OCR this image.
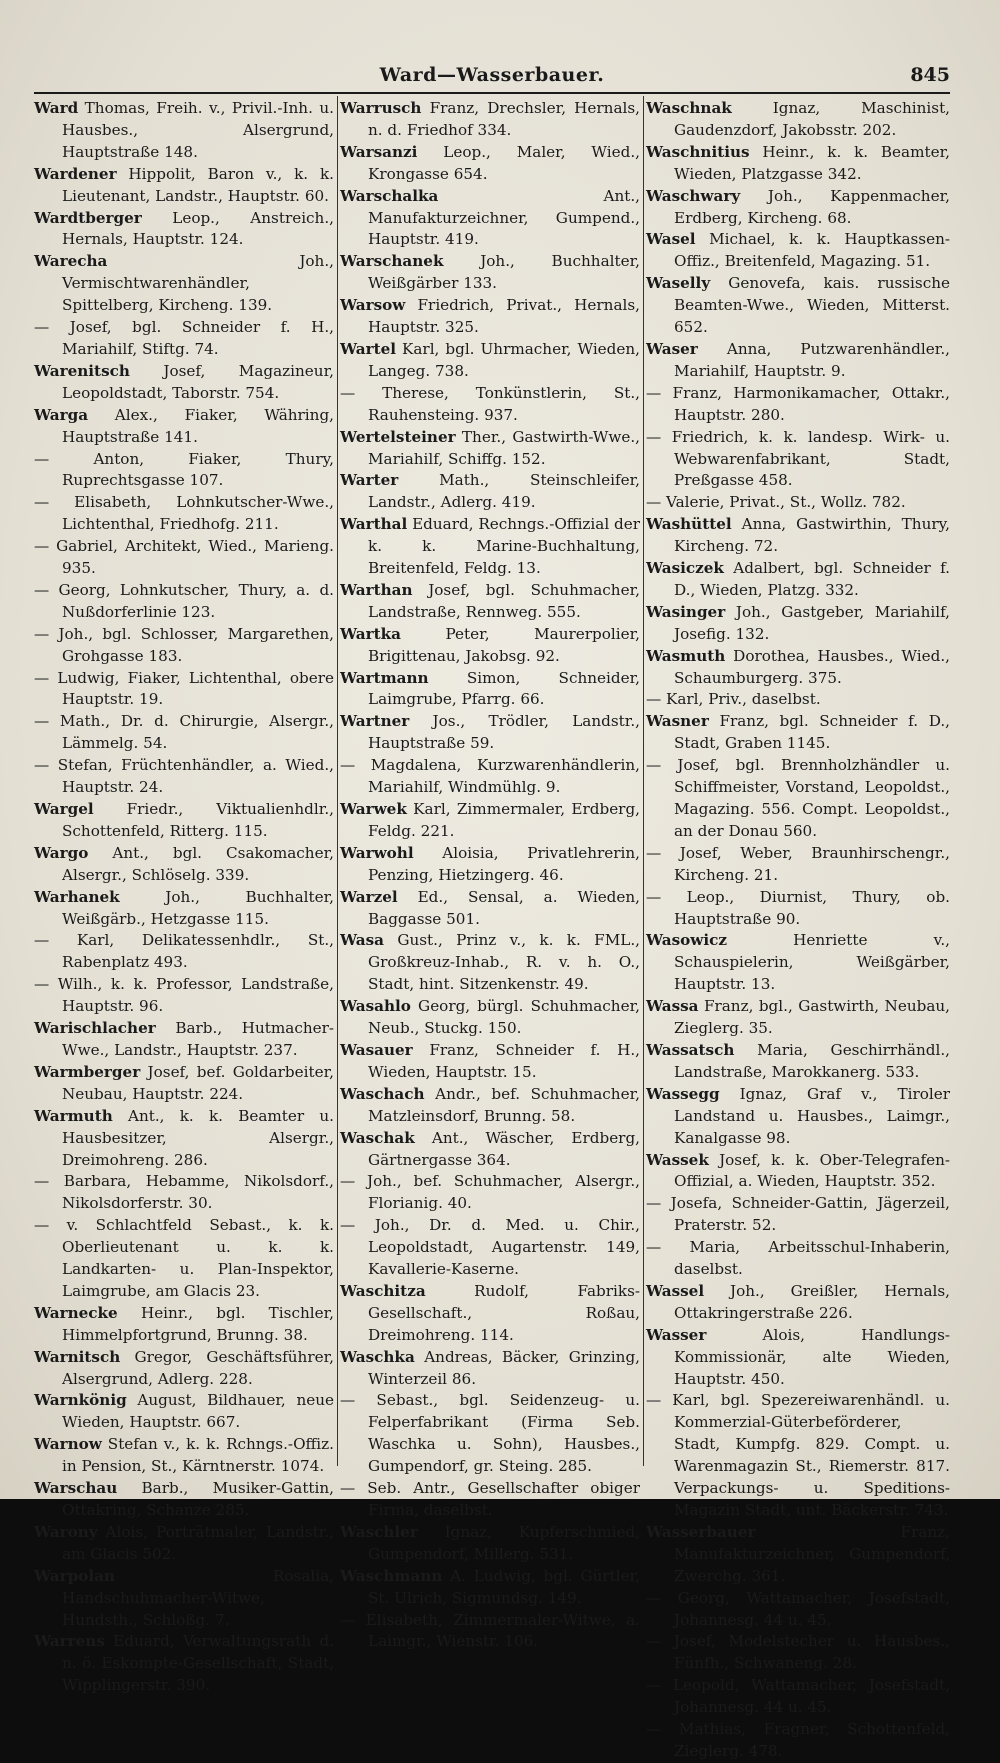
Ward—Wasserbauer.	845
Ward Thomas, Freih. v., Privil.-Inh. u. Hausbes., Alsergrund, Hauptstraße 148.
Wardener Hippolit, Baron v., k. k. Lieutenant, Landstr., Hauptstr. 60.
Wardtberger Leop., Anstreich., Hernals, Hauptstr. 124.
Warecha Joh., Vermischtwarenhändler, Spittelberg, Kircheng. 139.
— Josef, bgl. Schneider f. H., Mariahilf, Stiftg. 74.
Warenitsch Josef, Magazineur, Leopoldstadt, Taborstr. 754.
Warga Alex., Fiaker, Währing, Hauptstraße 141.
— Anton, Fiaker, Thury, Ruprechtsgasse 107.
— Elisabeth, Lohnkutscher-Wwe., Lichtenthal, Friedhofg. 211.
— Gabriel, Architekt, Wied., Marieng. 935.
— Georg, Lohnkutscher, Thury, a. d. Nußdorferlinie 123.
— Joh., bgl. Schlosser, Margarethen, Grohgasse 183.
— Ludwig, Fiaker, Lichtenthal, obere Hauptstr. 19.
— Math., Dr. d. Chirurgie, Alsergr., Lämmelg. 54.
— Stefan, Früchtenhändler, a. Wied., Hauptstr. 24.
Wargel Friedr., Viktualienhdlr., Schottenfeld, Ritterg. 115.
Wargo Ant., bgl. Csakomacher, Alsergr., Schlöselg. 339.
Warhanek Joh., Buchhalter, Weißgärb., Hetzgasse 115.
— Karl, Delikatessenhdlr., St., Rabenplatz 493.
— Wilh., k. k. Professor, Landstraße, Hauptstr. 96.
Warischlacher Barb., Hutmacher-Wwe., Landstr., Hauptstr. 237.
Warmberger Josef, bef. Goldarbeiter, Neubau, Hauptstr. 224.
Warmuth Ant., k. k. Beamter u. Hausbesitzer, Alsergr., Dreimohreng. 286.
— Barbara, Hebamme, Nikolsdorf., Nikolsdorferstr. 30.
— v. Schlachtfeld Sebast., k. k. Oberlieutenant u. k. k. Landkarten- u. Plan-Inspektor, Laimgrube, am Glacis 23.
Warnecke Heinr., bgl. Tischler, Himmelpfortgrund, Brunng. 38.
Warnitsch Gregor, Geschäftsführer, Alsergrund, Adlerg. 228.
Warnkönig August, Bildhauer, neue Wieden, Hauptstr. 667.
Warnow Stefan v., k. k. Rchngs.-Offiz. in Pension, St., Kärntnerstr. 1074.
Warschau Barb., Musiker-Gattin, Ottakring, Schanze 285.
Warony Alois, Porträtmaler, Landstr., am Glacis 502.
Warpolan Rosalia, Handschuhmacher-Witwe, Hundsth., Schloßg. 7.
Warrens Eduard, Verwaltungsrath d. n. ö. Eskompte-Gesellschaft, Stadt, Wipplingerstr. 390.
Warrusch Franz, Drechsler, Hernals, n. d. Friedhof 334.
Warsanzi Leop., Maler, Wied., Krongasse 654.
Warschalka Ant., Manufakturzeichner, Gumpend., Hauptstr. 419.
Warschanek Joh., Buchhalter, Weißgärber 133.
Warsow Friedrich, Privat., Hernals, Hauptstr. 325.
Wartel Karl, bgl. Uhrmacher, Wieden, Langeg. 738.
— Therese, Tonkünstlerin, St., Rauhensteing. 937.
Wertelsteiner Ther., Gastwirth-Wwe., Mariahilf, Schiffg. 152.
Warter Math., Steinschleifer, Landstr., Adlerg. 419.
Warthal Eduard, Rechngs.-Offizial der k. k. Marine-Buchhaltung, Breitenfeld, Feldg. 13.
Warthan Josef, bgl. Schuhmacher, Landstraße, Rennweg. 555.
Wartka Peter, Maurerpolier, Brigittenau, Jakobsg. 92.
Wartmann Simon, Schneider, Laimgrube, Pfarrg. 66.
Wartner Jos., Trödler, Landstr., Hauptstraße 59.
— Magdalena, Kurzwarenhändlerin, Mariahilf, Windmühlg. 9.
Warwek Karl, Zimmermaler, Erdberg, Feldg. 221.
Warwohl Aloisia, Privatlehrerin, Penzing, Hietzingerg. 46.
Warzel Ed., Sensal, a. Wieden, Baggasse 501.
Wasa Gust., Prinz v., k. k. FML., Großkreuz-Inhab., R. v. h. O., Stadt, hint. Sitzenkenstr. 49.
Wasahlo Georg, bürgl. Schuhmacher, Neub., Stuckg. 150.
Wasauer Franz, Schneider f. H., Wieden, Hauptstr. 15.
Waschach Andr., bef. Schuhmacher, Matzleinsdorf, Brunng. 58.
Waschak Ant., Wäscher, Erdberg, Gärtnergasse 364.
— Joh., bef. Schuhmacher, Alsergr., Florianig. 40.
— Joh., Dr. d. Med. u. Chir., Leopoldstadt, Augartenstr. 149, Kavallerie-Kaserne.
Waschitza Rudolf, Fabriks-Gesellschaft., Roßau, Dreimohreng. 114.
Waschka Andreas, Bäcker, Grinzing, Winterzeil 86.
— Sebast., bgl. Seidenzeug- u. Felperfabrikant (Firma Seb. Waschka u. Sohn), Hausbes., Gumpendorf, gr. Steing. 285.
— Seb. Antr., Gesellschafter obiger Firma, daselbst.
Waschler Ignaz, Kupferschmied, Gumpendorf, Millerg. 531.
Waschmann A. Ludwig, bgl. Gürtler, St. Ulrich, Sigmundsg. 149.
— Elisabeth, Zimmermaler-Witwe, a. Laimgr., Wienstr. 106.
Waschnak Ignaz, Maschinist, Gaudenzdorf, Jakobsstr. 202.
Waschnitius Heinr., k. k. Beamter, Wieden, Platzgasse 342.
Waschwary Joh., Kappenmacher, Erdberg, Kircheng. 68.
Wasel Michael, k. k. Hauptkassen-Offiz., Breitenfeld, Magazing. 51.
Waselly Genovefa, kais. russische Beamten-Wwe., Wieden, Mitterst. 652.
Waser Anna, Putzwarenhändler., Mariahilf, Hauptstr. 9.
— Franz, Harmonikamacher, Ottakr., Hauptstr. 280.
— Friedrich, k. k. landesp. Wirk- u. Webwarenfabrikant, Stadt, Preßgasse 458.
— Valerie, Privat., St., Wollz. 782.
Washüttel Anna, Gastwirthin, Thury, Kircheng. 72.
Wasiczek Adalbert, bgl. Schneider f. D., Wieden, Platzg. 332.
Wasinger Joh., Gastgeber, Mariahilf, Josefig. 132.
Wasmuth Dorothea, Hausbes., Wied., Schaumburgerg. 375.
— Karl, Priv., daselbst.
Wasner Franz, bgl. Schneider f. D., Stadt, Graben 1145.
— Josef, bgl. Brennholzhändler u. Schiffmeister, Vorstand, Leopoldst., Magazing. 556. Compt. Leopoldst., an der Donau 560.
— Josef, Weber, Braunhirschengr., Kircheng. 21.
— Leop., Diurnist, Thury, ob. Hauptstraße 90.
Wasowicz Henriette v., Schauspielerin, Weißgärber, Hauptstr. 13.
Wassa Franz, bgl., Gastwirth, Neubau, Zieglerg. 35.
Wassatsch Maria, Geschirrhändl., Landstraße, Marokkanerg. 533.
Wassegg Ignaz, Graf v., Tiroler Landstand u. Hausbes., Laimgr., Kanalgasse 98.
Wassek Josef, k. k. Ober-Telegrafen-Offizial, a. Wieden, Hauptstr. 352.
— Josefa, Schneider-Gattin, Jägerzeil, Praterstr. 52.
— Maria, Arbeitsschul-Inhaberin, daselbst.
Wassel Joh., Greißler, Hernals, Ottakringerstraße 226.
Wasser Alois, Handlungs-Kommissionär, alte Wieden, Hauptstr. 450.
— Karl, bgl. Spezereiwarenhändl. u. Kommerzial-Güterbeförderer, Stadt, Kumpfg. 829. Compt. u. Warenmagazin St., Riemerstr. 817. Verpackungs- u. Speditions-Magazin Stadt, unt. Bäckerstr. 743.
Wasserbauer Franz, Manufakturzeichner, Gumpendorf, Zwerchg. 361.
— Georg, Wattamacher, Josefstadt, Johannesg. 44 u. 45.
— Josef, Modelstecher u. Hausbes., Fünfh., Schwaneng. 28.
— Leopold, Wattamacher, Josefstadt, Johannesg. 44 u. 45.
— Mathias, Fragner, Schottenfeld, Zieglerg. 478.
